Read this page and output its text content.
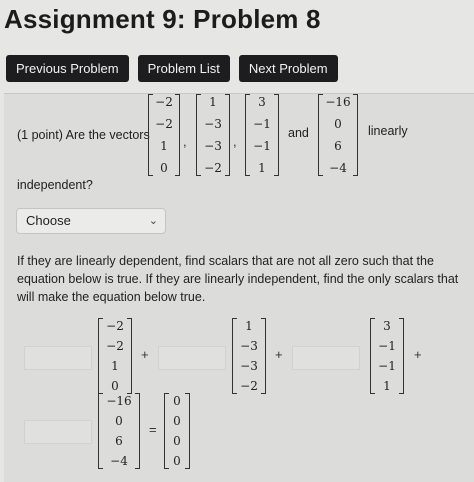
Assignment 9: Problem 8
Previous Problem	Problem List	Next Problem
(1 point) Are the vectors
−2
−2
1
0
,
1
−3
−3
−2
,
3
−1
−1
1
and
−16
0
6
−4
linearly
independent?
Choose	⌄
If they are linearly dependent, find scalars that are not all zero such that the equation below is true. If they are linearly independent, find the only scalars that will make the equation below true.
−2
−2
1
0
+
1
−3
−3
−2
+
3
−1
−1
1
+
−16
0
6
−4
=
0
0
0
0
